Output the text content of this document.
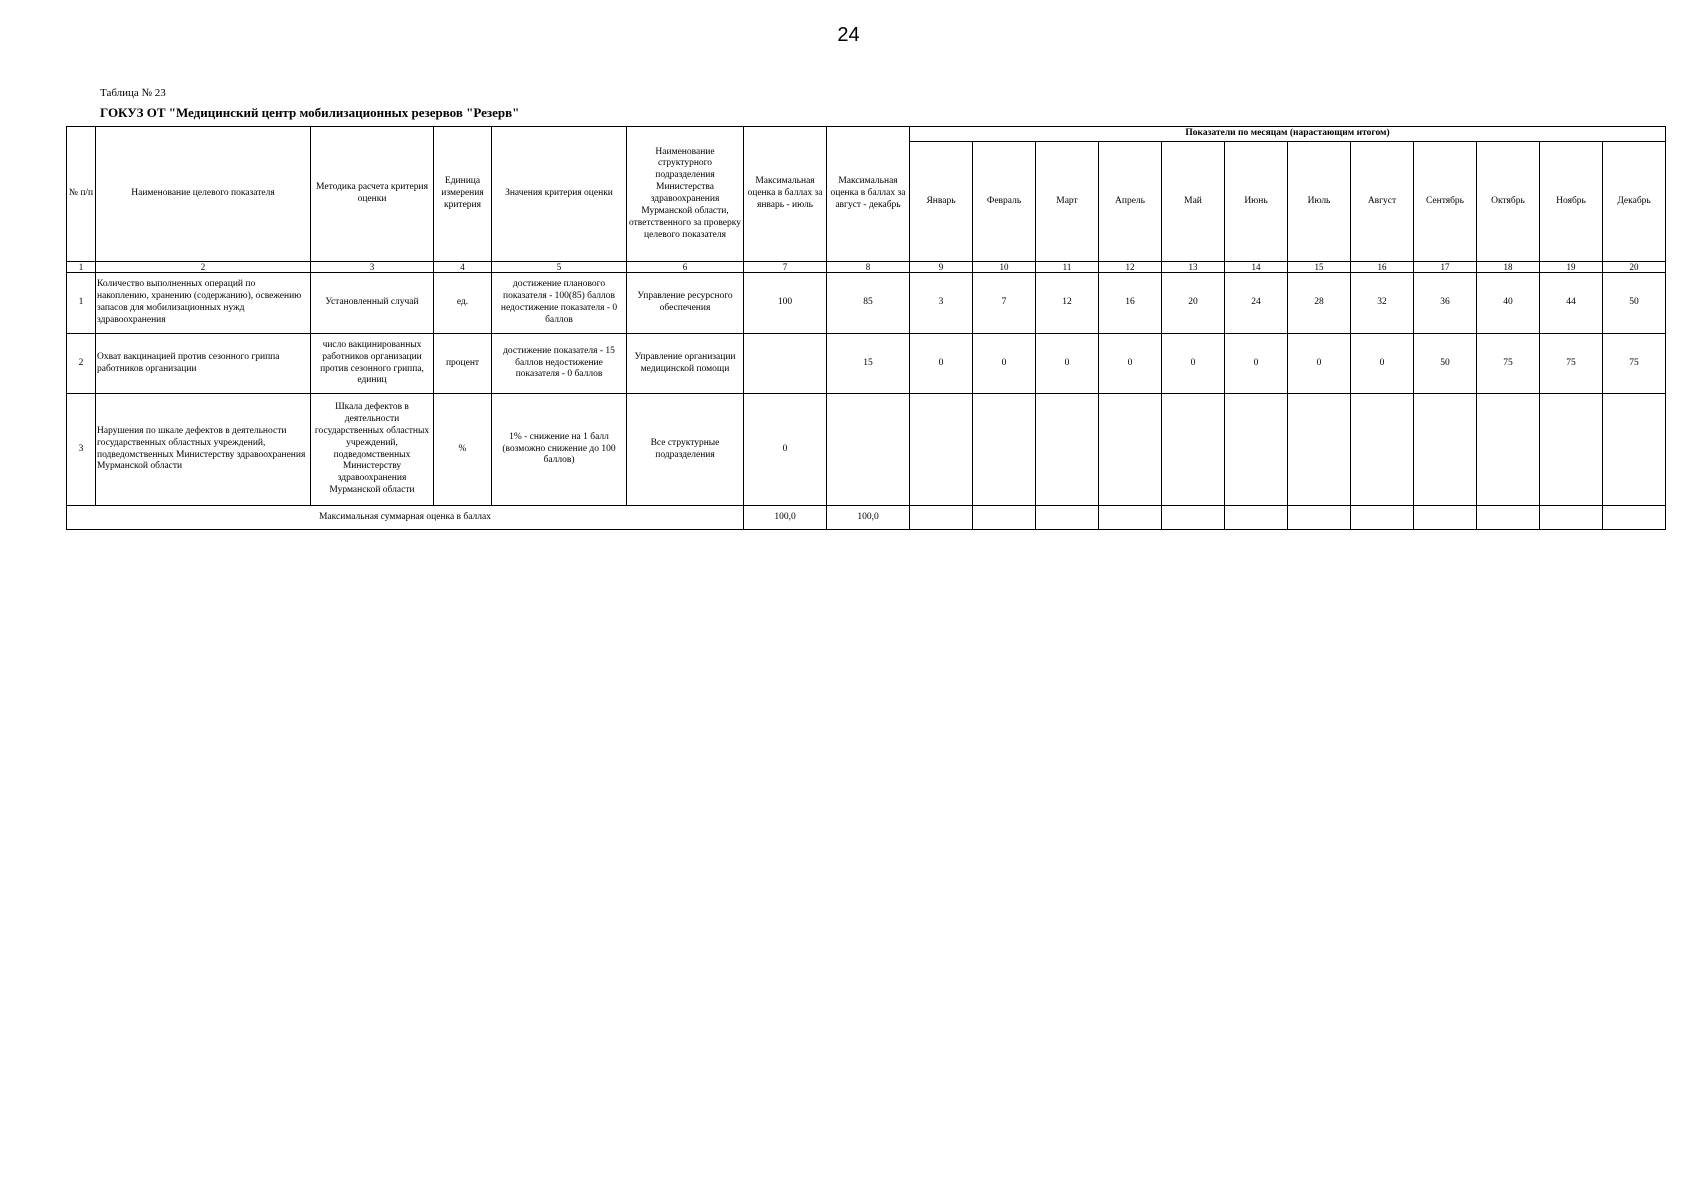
24
Таблица № 23
ГОКУЗ ОТ "Медицинский центр мобилизационных резервов "Резерв"
№ п/п	Наименование целевого показателя	Методика расчета критерия оценки	Единица измерения критерия	Значения критерия оценки	Наименование структурного подразделения Министерства здравоохранения Мурманской области, ответственного за проверку целевого показателя	Максимальная оценка в баллах за январь - июль	Максимальная оценка в баллах за август - декабрь	Показатели по месяцам (нарастающим итогом)											
								Январь	Февраль	Март	Апрель	Май	Июнь	Июль	Август	Сентябрь	Октябрь	Ноябрь	Декабрь
1	2	3	4	5	6	7	8	9	10	11	12	13	14	15	16	17	18	19	20
1	Количество выполненных операций по накоплению, хранению (содержанию), освежению запасов для мобилизационных нужд здравоохранения	Установленный случай	ед.	достижение планового показателя - 100(85) баллов недостижение показателя - 0 баллов	Управление ресурсного обеспечения	100	85	3	7	12	16	20	24	28	32	36	40	44	50
2	Охват вакцинацией против сезонного гриппа работников организации	число вакцинированных работников организации против сезонного гриппа, единиц	процент	достижение показателя - 15 баллов недостижение показателя - 0 баллов	Управление организации медицинской помощи		15	0	0	0	0	0	0	0	0	50	75	75	75
3	Нарушения по шкале дефектов в деятельности государственных областных учреждений, подведомственных Министерству здравоохранения Мурманской области	Шкала дефектов в деятельности государственных областных учреждений, подведомственных Министерству здравоохранения Мурманской области	%	1% - снижение на 1 балл (возможно снижение до 100 баллов)	Все структурные подразделения	0													
Максимальная суммарная оценка в баллах						100,0	100,0												
